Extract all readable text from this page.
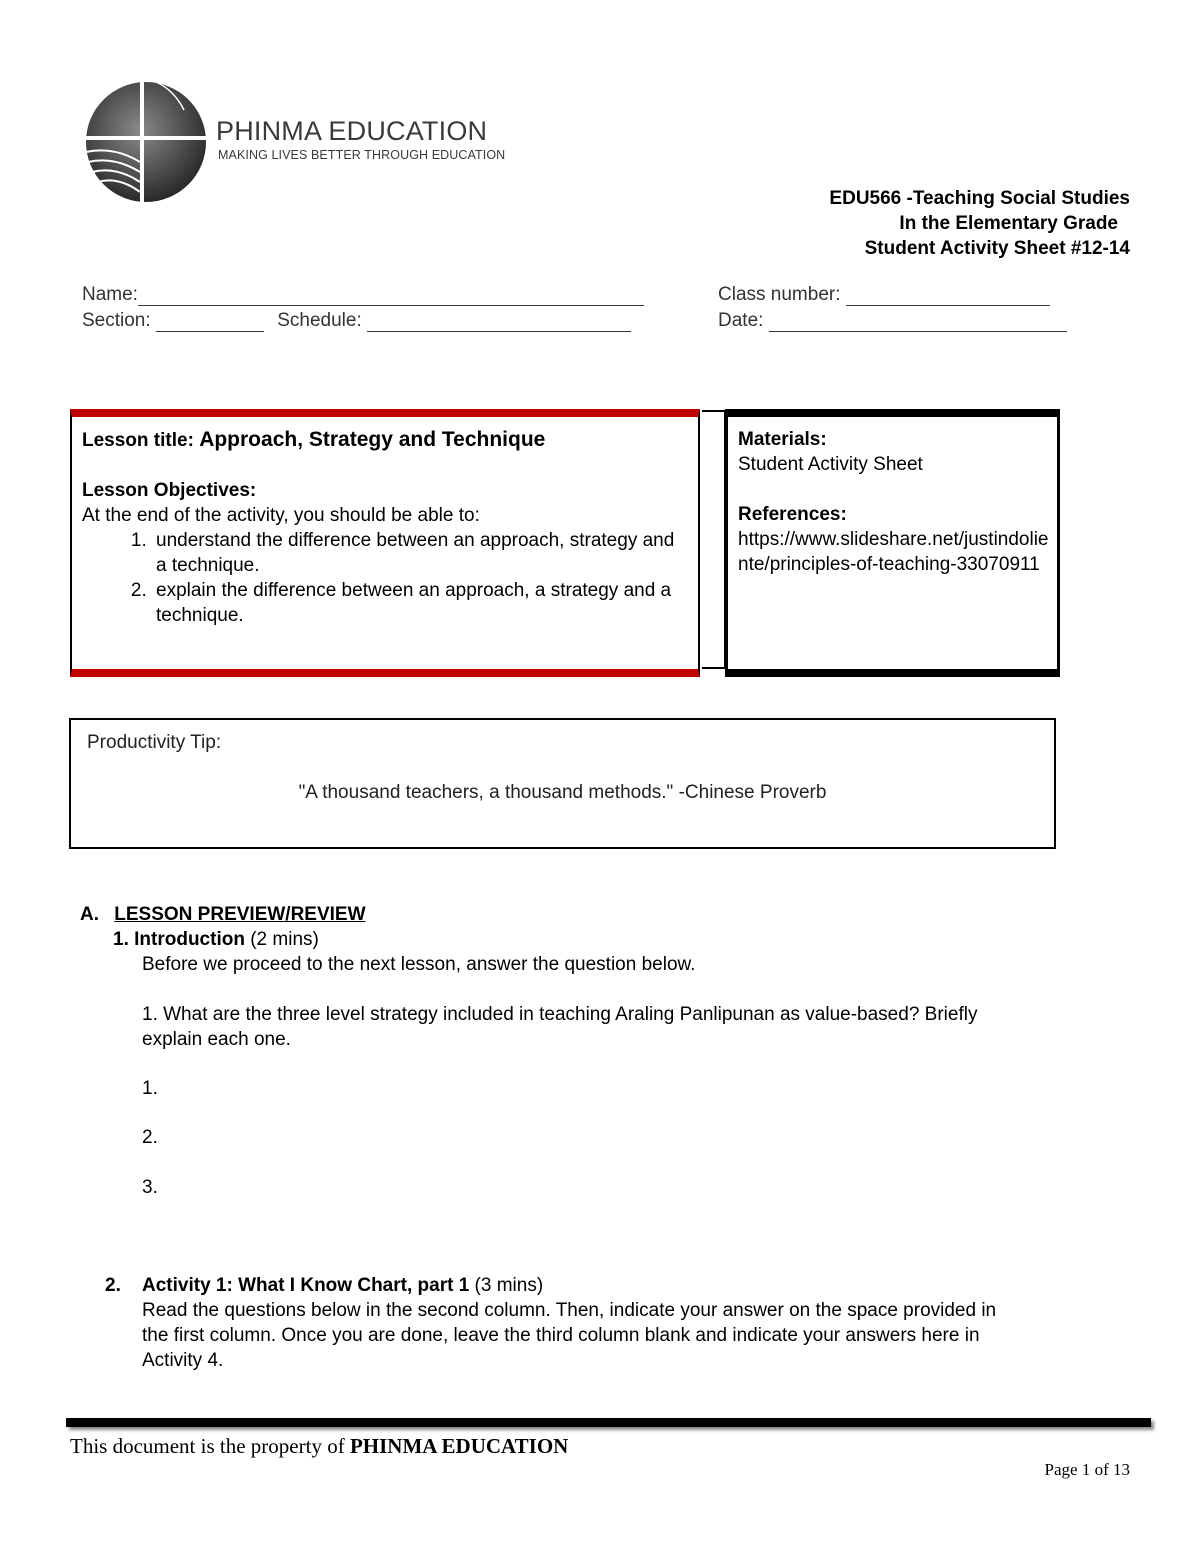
PHINMA EDUCATION
MAKING LIVES BETTER THROUGH EDUCATION
EDU566 -Teaching Social Studies
In the Elementary Grade
Student Activity Sheet #12-14
Name:
Section:	Schedule:
Class number:
Date:
Lesson title: Approach, Strategy and Technique
Lesson Objectives:
At the end of the activity, you should be able to:
1. understand the difference between an approach, strategy and a technique.
2. explain the difference between an approach, a strategy and a technique.
Materials:
Student Activity Sheet
References:
https://www.slideshare.net/justindoliente/principles-of-teaching-33070911
Productivity Tip:
"A thousand teachers, a thousand methods." -Chinese Proverb
A. LESSON PREVIEW/REVIEW
1. Introduction (2 mins)
Before we proceed to the next lesson, answer the question below.
1. What are the three level strategy included in teaching Araling Panlipunan as value-based? Briefly
explain each one.
1.
2.
3.
2. Activity 1: What I Know Chart, part 1 (3 mins)
Read the questions below in the second column. Then, indicate your answer on the space provided in
the first column. Once you are done, leave the third column blank and indicate your answers here in
Activity 4.
This document is the property of PHINMA EDUCATION
Page 1 of 13
